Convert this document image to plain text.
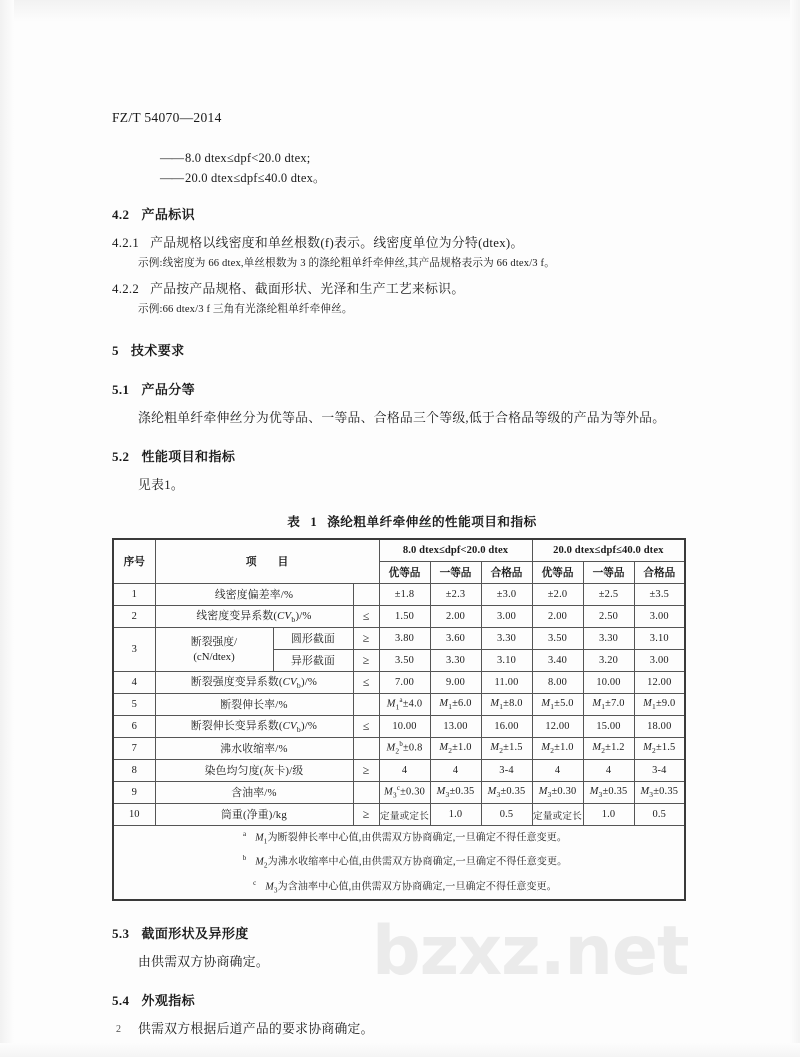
FZ/T 54070—2014
—— 8.0 dtex≤dpf<20.0 dtex;
—— 20.0 dtex≤dpf≤40.0 dtex。
4.2 产品标识
4.2.1 产品规格以线密度和单丝根数(f)表示。线密度单位为分特(dtex)。
示例:线密度为 66 dtex,单丝根数为 3 的涤纶粗单纤牵伸丝,其产品规格表示为 66 dtex/3 f。
4.2.2 产品按产品规格、截面形状、光泽和生产工艺来标识。
示例:66 dtex/3 f 三角有光涤纶粗单纤牵伸丝。
5 技术要求
5.1 产品分等
涤纶粗单纤牵伸丝分为优等品、一等品、合格品三个等级,低于合格品等级的产品为等外品。
5.2 性能项目和指标
见表1。
表 1 涤纶粗单纤牵伸丝的性能项目和指标
序号	项　　目			8.0 dtex≤dpf<20.0 dtex			20.0 dtex≤dpf≤40.0 dtex		
				优等品	一等品	合格品	优等品	一等品	合格品
1	线密度偏差率/%			±1.8	±2.3	±3.0	±2.0	±2.5	±3.5
2	线密度变异系数$(CV_b)/\%$		≤	1.50	2.00	3.00	2.00	2.50	3.00
3	断裂强度/
(cN/dtex)	圆形截面	≥	3.80	3.60	3.30	3.50	3.30	3.10
		异形截面	≥	3.50	3.30	3.10	3.40	3.20	3.00
4	断裂强度变异系数$(CV_b)/\%$		≤	7.00	9.00	11.00	8.00	10.00	12.00
5	断裂伸长率/%			$M_1^a\pm 4.0$	$M_1\pm 6.0$	$M_1\pm 8.0$	$M_1\pm 5.0$	$M_1\pm 7.0$	$M_1\pm 9.0$
6	断裂伸长变异系数$(CV_b)/\%$		≤	10.00	13.00	16.00	12.00	15.00	18.00
7	沸水收缩率/%			$M_2^b\pm 0.8$	$M_2\pm 1.0$	$M_2\pm 1.5$	$M_2\pm 1.0$	$M_2\pm 1.2$	$M_2\pm 1.5$
8	染色均匀度(灰卡)/级		≥	4	4	3-4	4	4	3-4
9	含油率/%			$M_3^c\pm 0.30$	$M_3\pm 0.35$	$M_3\pm 0.35$	$M_3\pm 0.30$	$M_3\pm 0.35$	$M_3\pm 0.35$
10	筒重(净重)/kg		≥	定量或定长	1.0	0.5	定量或定长	1.0	0.5

$^a$ $M_1$为断裂伸长率中心值,由供需双方协商确定,一旦确定不得任意变更。
$^b$ $M_2$为沸水收缩率中心值,由供需双方协商确定,一旦确定不得任意变更。
$^c$ $M_3$为含油率中心值,由供需双方协商确定,一旦确定不得任意变更。									
5.3 截面形状及异形度
由供需双方协商确定。
5.4 外观指标
供需双方根据后道产品的要求协商确定。
bzxz.net
2
